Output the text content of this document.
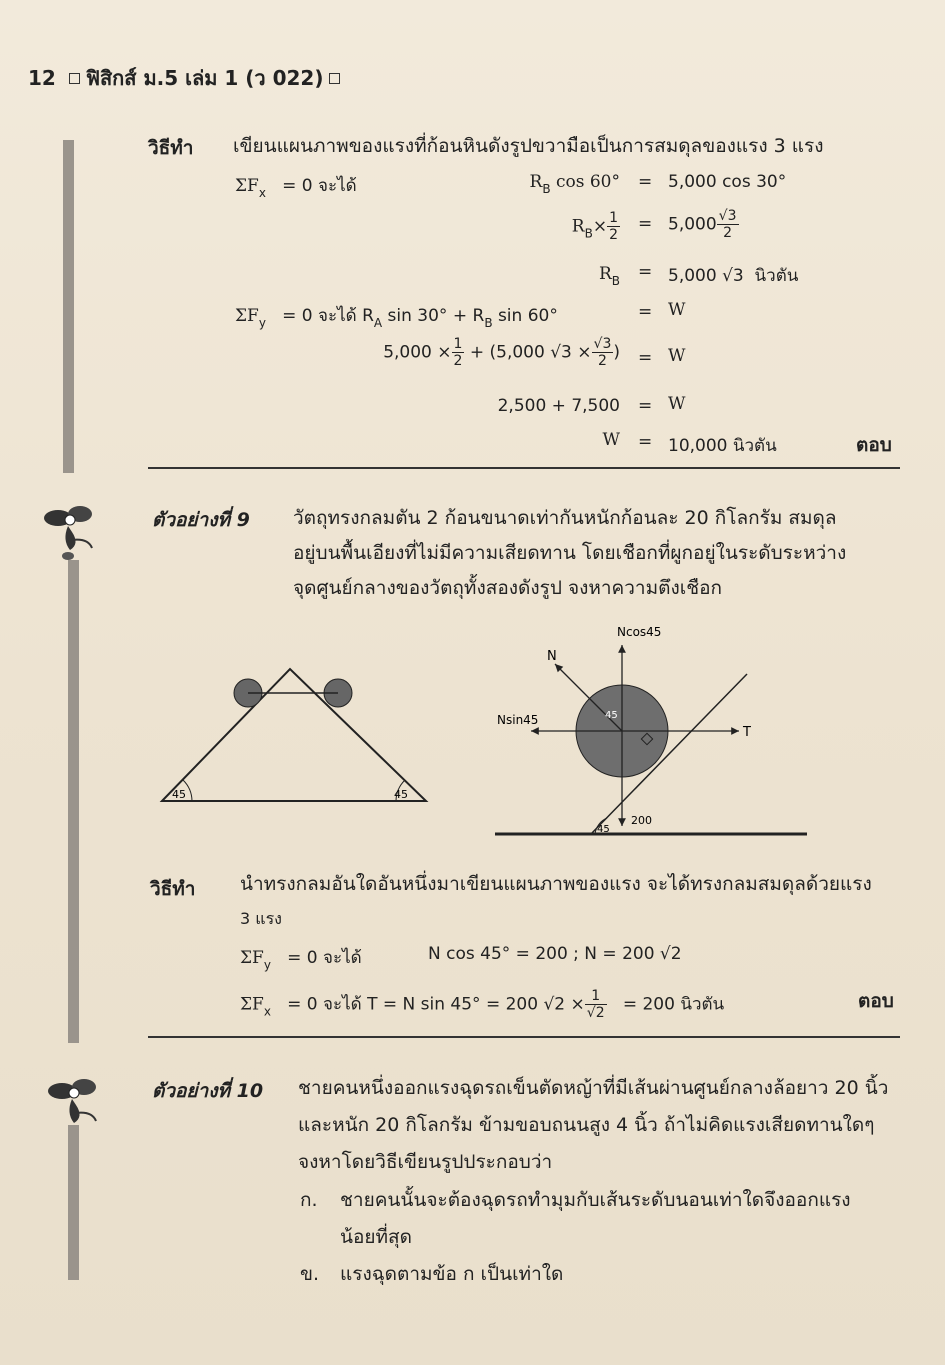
12 ฟิสิกส์ ม.5 เล่ม 1 (ว 022)
วิธีทำ เขียนแผนภาพของแรงที่ก้อนหินดังรูปขวามือเป็นการสมดุลของแรง 3 แรง
$\Sigma F_x = 0$ จะได้	$R_B$ cos 60° = 5,000 cos 30°
$R_B\times \frac{1}{2} = 5,000 \frac{√3}{2}$
$R_B = 5,000$ √3 นิวตัน
$\Sigma F_y = 0$ จะได้ $R_A$ $\sin 30^\circ + R_B$ sin 60°	= W
$5,000 \times \frac{1}{2} + (5,000$ $√3 \times \frac{√3}{2}$ ) = W
2,500 + 7,500 = W
W = 10,000 นิวตัน	ตอบ
ตัวอย่างที่ 9 วัตถุทรงกลมตัน 2 ก้อนขนาดเท่ากันหนักก้อนละ 20 กิโลกรัม สมดุล
อยู่บนพื้นเอียงที่ไม่มีความเสียดทาน โดยเชือกที่ผูกอยู่ในระดับระหว่าง
จุดศูนย์กลางของวัตถุทั้งสองดังรูป จงหาความตึงเชือก
45	45
Ncos45
N
Nsin45
T
200
45
45
วิธีทำ นำทรงกลมอันใดอันหนึ่งมาเขียนแผนภาพของแรง จะได้ทรงกลมสมดุลด้วยแรง
3 แรง
$\Sigma F_y = 0$ จะได้	N cos 45° = 200 ; N = 200 √2
$\Sigma F_x = 0$ จะได้ T = N sin 45° = 200 $√2 \times \frac{1}{√2} = 200$ นิวตัน	ตอบ
ตัวอย่างที่ 10 ชายคนหนึ่งออกแรงฉุดรถเข็นตัดหญ้าที่มีเส้นผ่านศูนย์กลางล้อยาว 20 นิ้ว
และหนัก 20 กิโลกรัม ข้ามขอบถนนสูง 4 นิ้ว ถ้าไม่คิดแรงเสียดทานใดๆ
จงหาโดยวิธีเขียนรูปประกอบว่า
ก. ชายคนนั้นจะต้องฉุดรถทำมุมกับเส้นระดับนอนเท่าใดจึงออกแรง
น้อยที่สุด
ข. แรงฉุดตามข้อ ก เป็นเท่าใด
